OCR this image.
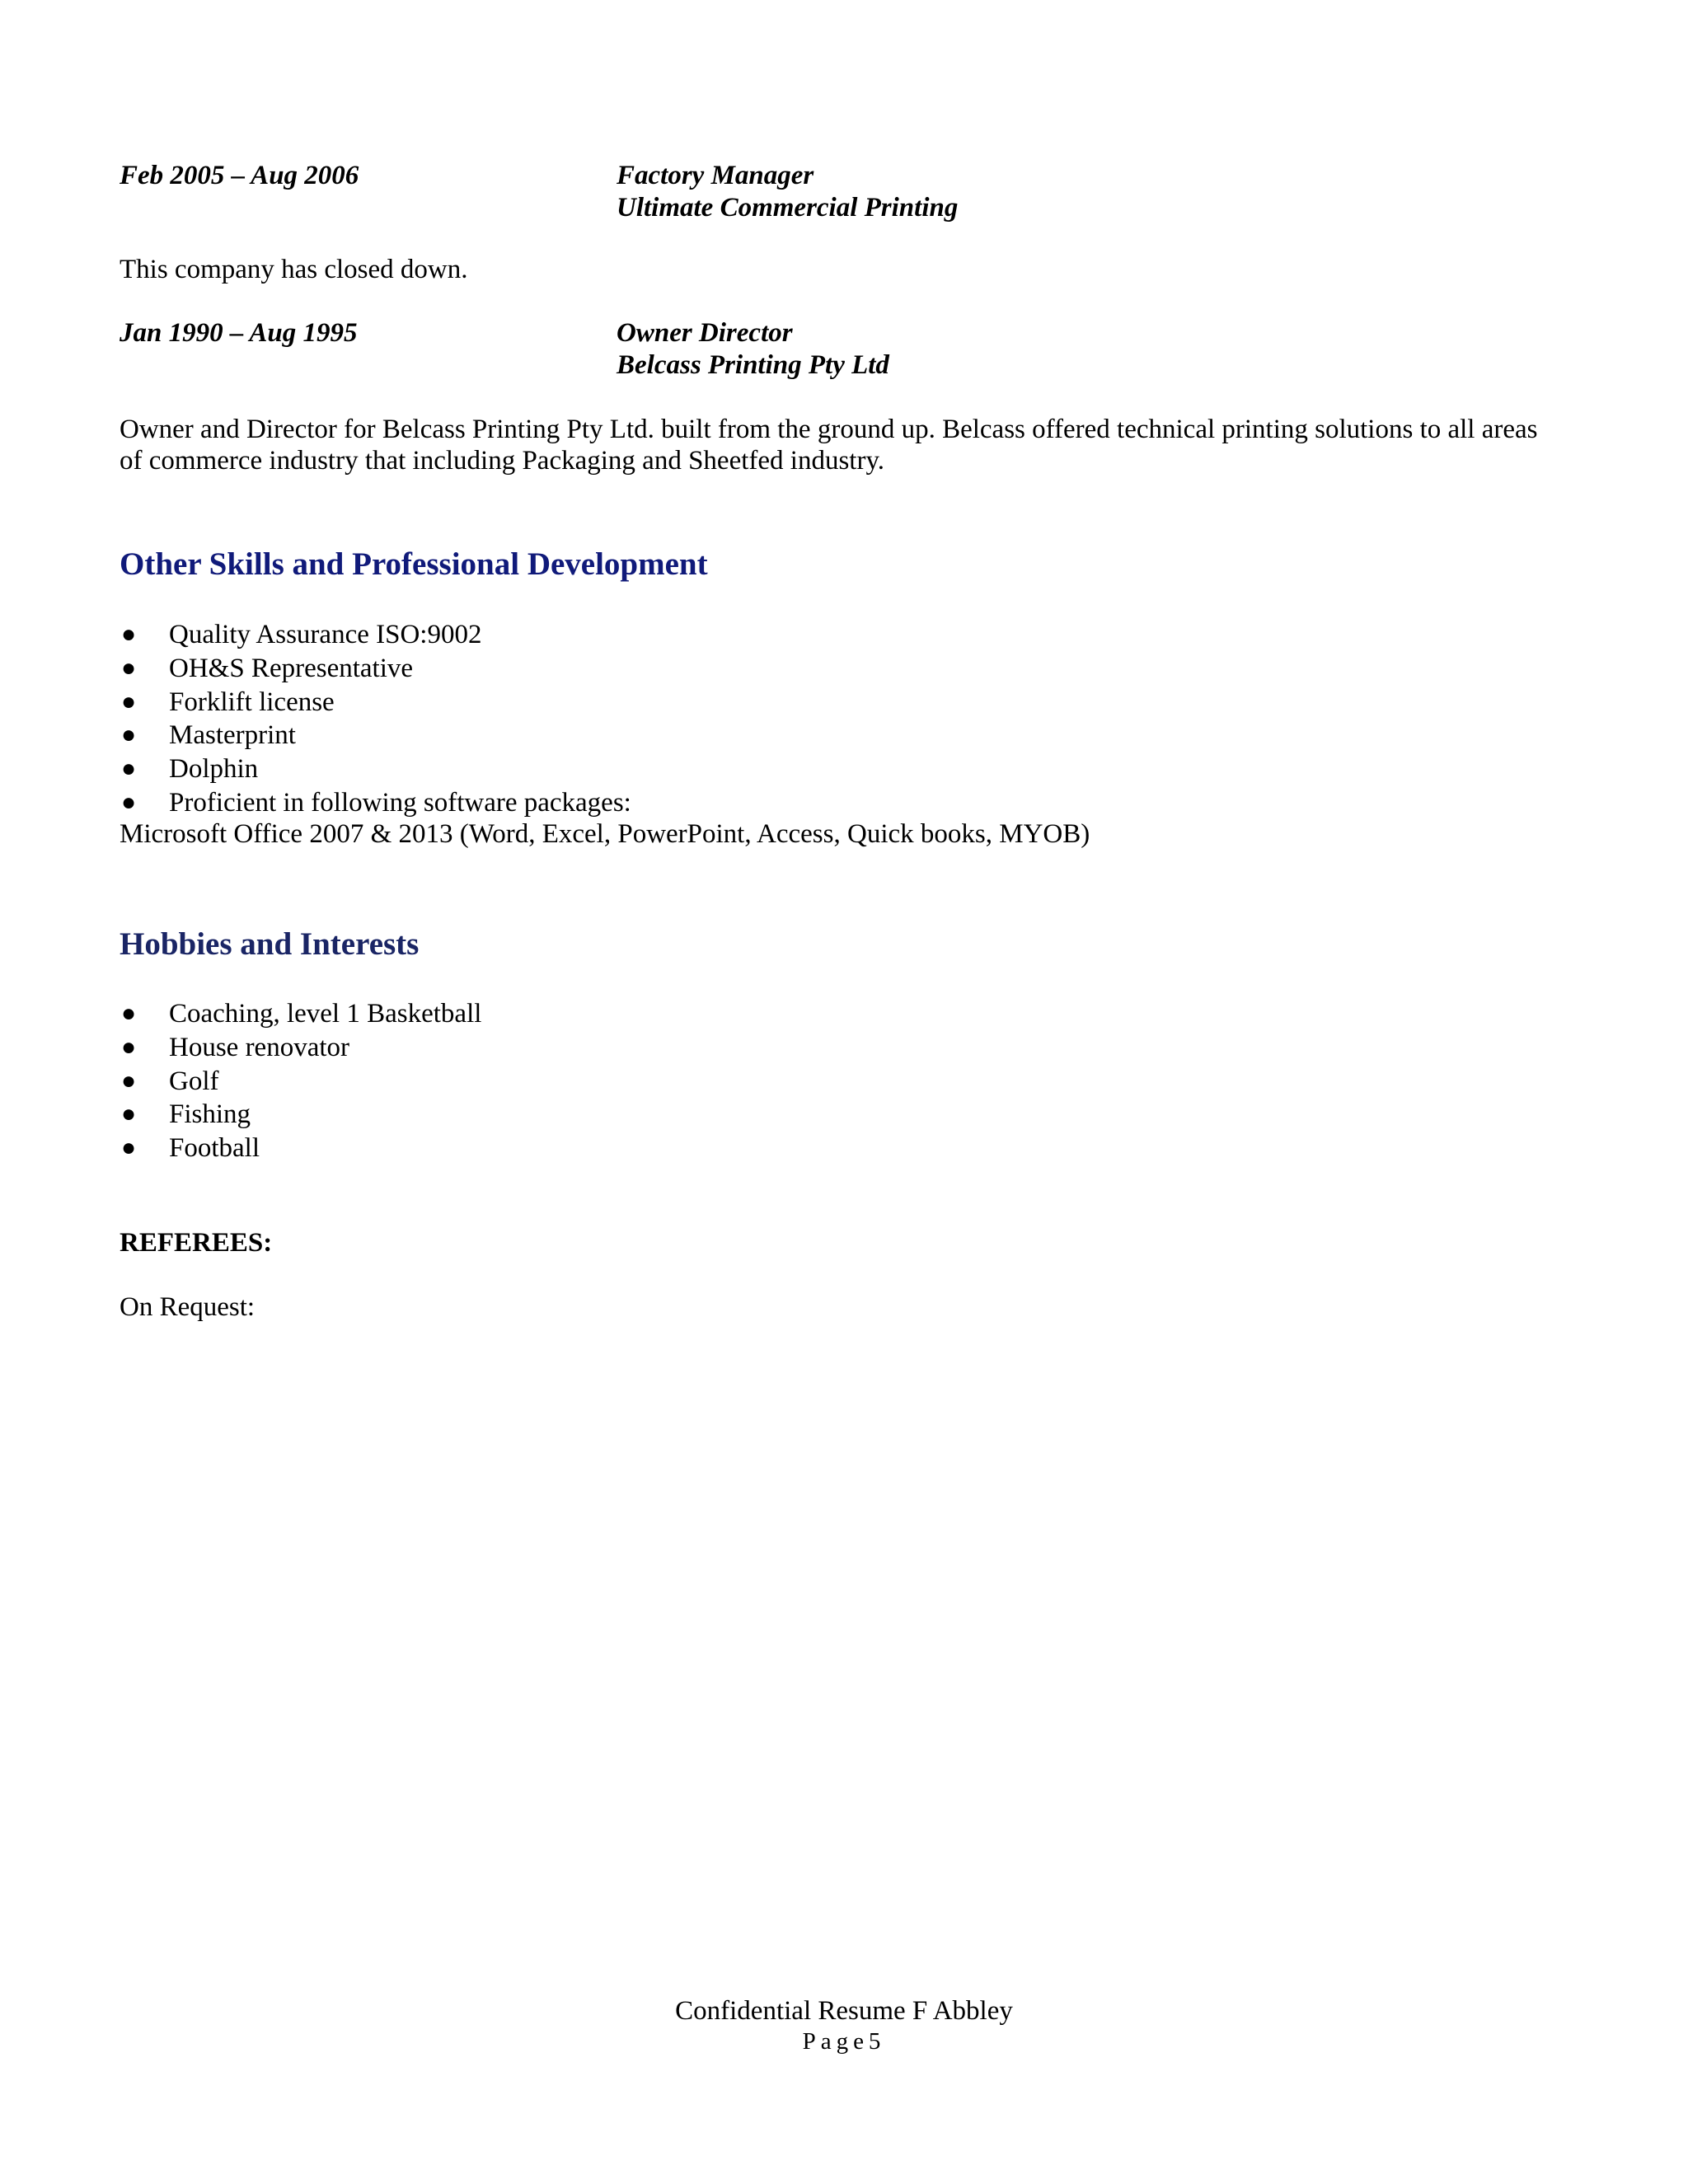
Feb 2005 – Aug 2006	Factory Manager
Ultimate Commercial Printing
This company has closed down.
Jan 1990 – Aug 1995	Owner Director
Belcass Printing Pty Ltd
Owner and Director for Belcass Printing Pty Ltd. built from the ground up. Belcass offered technical printing solutions to all areas
of commerce industry that including Packaging and Sheetfed industry.
Other Skills and Professional Development
● Quality Assurance ISO:9002
● OH&S Representative
● Forklift license
● Masterprint
● Dolphin
● Proficient in following software packages:
Microsoft Office 2007 & 2013 (Word, Excel, PowerPoint, Access, Quick books, MYOB)
Hobbies and Interests
● Coaching, level 1 Basketball
● House renovator
● Golf
● Fishing
● Football
REFEREES:
On Request:
Confidential Resume F Abbley
Page5
